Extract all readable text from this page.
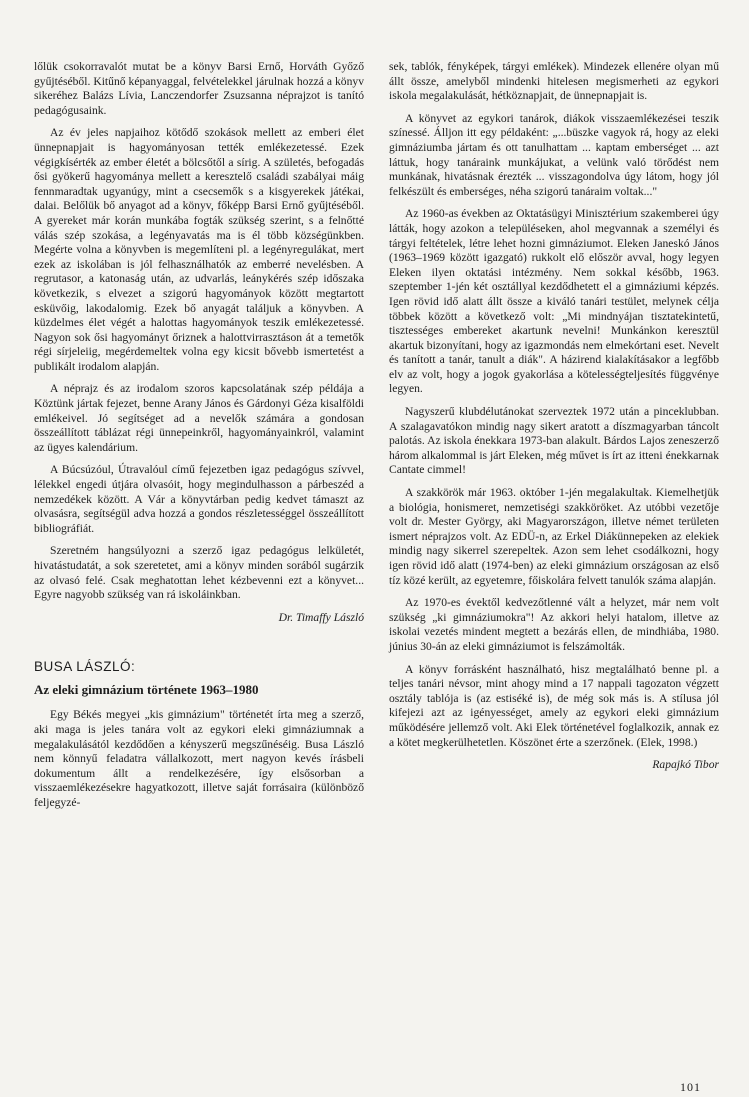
lőlük csokorravalót mutat be a könyv Barsi Ernő, Horváth Győző gyűjtéséből. Kitűnő képanyaggal, felvételekkel járulnak hozzá a könyv sikeréhez Balázs Lívia, Lanczendorfer Zsuzsanna néprajzot is tanító pedagógusaink.

Az év jeles napjaihoz kötődő szokások mellett az emberi élet ünnepnapjait is hagyományosan tették emlékezetessé. Ezek végigkísérték az ember életét a bölcsőtől a sírig. A születés, befogadás ősi gyökerű hagyománya mellett a keresztelő családi szabályai máig fennmaradtak ugyanúgy, mint a csecsemők s a kisgyerekek játékai, dalai. Belőlük bő anyagot ad a könyv, főképp Barsi Ernő gyűjtéséből. A gyereket már korán munkába fogták szükség szerint, s a felnőtté válás szép szokása, a legényavatás ma is él több községünkben. Megérte volna a könyvben is megemlíteni pl. a legényregulákat, mert ezek az iskolában is jól felhasználhatók az emberré nevelésben. A regrutasor, a katonaság után, az udvarlás, leánykérés szép időszaka következik, s elvezet a szigorú hagyományok között megtartott esküvőig, lakodalomig. Ezek bő anyagát találjuk a könyvben. A küzdelmes élet végét a halottas hagyományok teszik emlékezetessé. Nagyon sok ősi hagyományt őriznek a halottvirrasztáson át a temetők régi sírjeleiig, megérdemeltek volna egy kicsit bővebb ismertetést a publikált irodalom alapján.

A néprajz és az irodalom szoros kapcsolatának szép példája a Köztünk jártak fejezet, benne Arany János és Gárdonyi Géza kisalföldi emlékeivel. Jó segítséget ad a nevelők számára a gondosan összeállított táblázat régi ünnepeinkről, hagyományainkról, valamint az ügyes kalendárium.

A Búcsúzóul, Útravalóul című fejezetben igaz pedagógus szívvel, lélekkel engedi útjára olvasóit, hogy megindulhasson a párbeszéd a nemzedékek között. A Vár a könyvtárban pedig kedvet támaszt az olvasásra, segítségül adva hozzá a gondos részletességgel összeállított bibliográfiát.

Szeretném hangsúlyozni a szerző igaz pedagógus lelkületét, hivatástudatát, a sok szeretetet, ami a könyv minden sorából sugárzik az olvasó felé. Csak meghatottan lehet kézbevenni ezt a könyvet... Egyre nagyobb szükség van rá iskoláinkban.

Dr. Timaffy László
BUSA LÁSZLÓ:
Az eleki gimnázium története 1963–1980

Egy Békés megyei „kis gimnázium" történetét írta meg a szerző, aki maga is jeles tanára volt az egykori eleki gimnáziumnak a megalakulásától kezdődően a kényszerű megszűnéséig. Busa László nem könnyű feladatra vállalkozott, mert nagyon kevés írásbeli dokumentum állt a rendelkezésére, így elsősorban a visszaemlékezésekre hagyatkozott, illetve saját forrásaira (különböző feljegyzé-

sek, tablók, fényképek, tárgyi emlékek). Mindezek ellenére olyan mű állt össze, amelyből mindenki hitelesen megismerheti az egykori iskola megalakulását, hétköznapjait, de ünnepnapjait is.

A könyvet az egykori tanárok, diákok visszaemlékezései teszik színessé. Álljon itt egy példaként: „...büszke vagyok rá, hogy az eleki gimnáziumba jártam és ott tanulhattam ... kaptam emberséget ... azt láttuk, hogy tanáraink munkájukat, a velünk való törődést nem munkának, hivatásnak érezték ... visszagondolva úgy látom, hogy jól felkészült és emberséges, néha szigorú tanáraim voltak..."

Az 1960-as években az Oktatásügyi Minisztérium szakemberei úgy látták, hogy azokon a településeken, ahol megvannak a személyi és tárgyi feltételek, létre lehet hozni gimnáziumot. Eleken Janeskó János (1963–1969 között igazgató) rukkolt elő először avval, hogy legyen Eleken ilyen oktatási intézmény. Nem sokkal később, 1963. szeptember 1-jén két osztállyal kezdődhetett el a gimnáziumi képzés. Igen rövid idő alatt állt össze a kiváló tanári testület, melynek célja többek között a következő volt: „Mi mindnyájan tisztatekintetű, tisztességes embereket akartunk nevelni! Munkánkon keresztül akartuk bizonyítani, hogy az igazmondás nem elmekórtani eset. Nevelt és tanított a tanár, tanult a diák". A házirend kialakításakor a legfőbb elv az volt, hogy a jogok gyakorlása a kötelességteljesítés függvénye legyen.

Nagyszerű klubdélutánokat szerveztek 1972 után a pinceklubban. A szalagavatókon mindig nagy sikert aratott a díszmagyarban táncolt palotás. Az iskola énekkara 1973-ban alakult. Bárdos Lajos zeneszerző három alkalommal is járt Eleken, még művet is írt az itteni énekkarnak Cantate cimmel!

A szakkörök már 1963. október 1-jén megalakultak. Kiemelhetjük a biológia, honismeret, nemzetiségi szakköröket. Az utóbbi vezetője volt dr. Mester György, aki Magyarországon, illetve német területen ismert néprajzos volt. Az EDÜ-n, az Erkel Diákünnepeken az elekiek mindig nagy sikerrel szerepeltek. Azon sem lehet csodálkozni, hogy igen rövid idő alatt (1974-ben) az eleki gimnázium országosan az első tíz közé került, az egyetemre, főiskolára felvett tanulók száma alapján.

Az 1970-es évektől kedvezőtlenné vált a helyzet, már nem volt szükség „ki gimnáziumokra"! Az akkori helyi hatalom, illetve az iskolai vezetés mindent megtett a bezárás ellen, de mindhiába, 1980. június 30-án az eleki gimnáziumot is felszámolták.

A könyv forrásként használható, hisz megtalálható benne pl. a teljes tanári névsor, mint ahogy mind a 17 nappali tagozaton végzett osztály tablója is (az estiséké is), de még sok más is. A stílusa jól kifejezi azt az igényességet, amely az egykori eleki gimnázium működésére jellemző volt. Aki Elek történetével foglalkozik, annak ez a kötet megkerülhetetlen. Köszönet érte a szerzőnek. (Elek, 1998.)

Rapajkó Tibor
101
